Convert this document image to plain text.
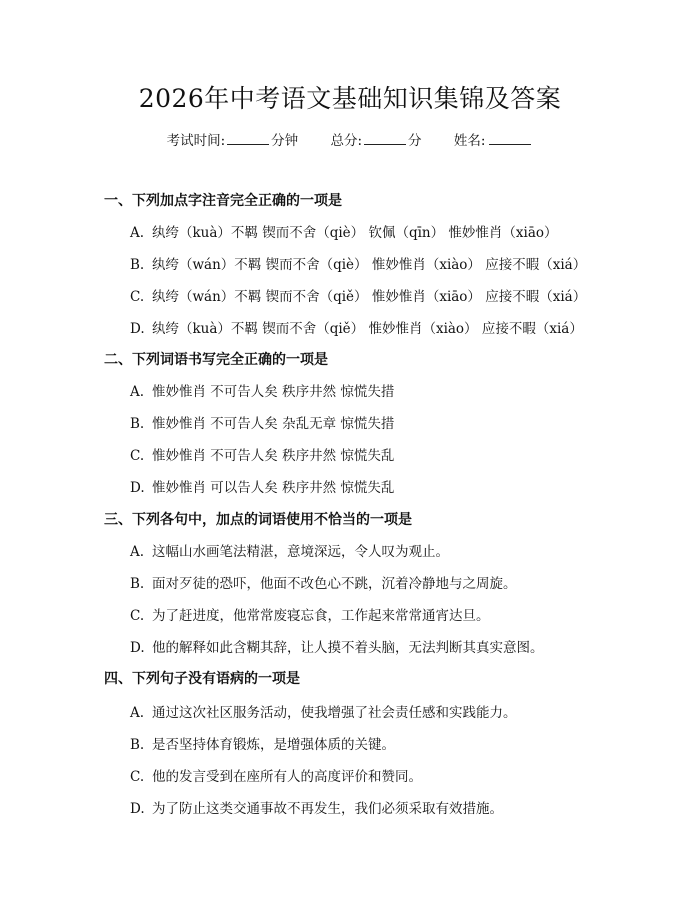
2026年中考语文基础知识集锦及答案
考试时间:	分钟 总分:	分 姓名:
一、下列加点字注音完全正确的一项是
A. 纨绔（kuà）不羁 锲而不舍（qiè） 钦佩（qīn） 惟妙惟肖（xiāo）
B. 纨绔（wán）不羁 锲而不舍（qiè） 惟妙惟肖（xiào） 应接不暇（xiá）
C. 纨绔（wán）不羁 锲而不舍（qiě） 惟妙惟肖（xiāo） 应接不暇（xiá）
D. 纨绔（kuà）不羁 锲而不舍（qiě） 惟妙惟肖（xiào） 应接不暇（xiá）
二、下列词语书写完全正确的一项是
A. 惟妙惟肖 不可告人矣 秩序井然 惊慌失措
B. 惟妙惟肖 不可告人矣 杂乱无章 惊慌失措
C. 惟妙惟肖 不可告人矣 秩序井然 惊慌失乱
D. 惟妙惟肖 可以告人矣 秩序井然 惊慌失乱
三、下列各句中，加点的词语使用不恰当的一项是
A. 这幅山水画笔法精湛，意境深远，令人叹为观止。
B. 面对歹徒的恐吓，他面不改色心不跳，沉着冷静地与之周旋。
C. 为了赶进度，他常常废寝忘食，工作起来常常通宵达旦。
D. 他的解释如此含糊其辞，让人摸不着头脑，无法判断其真实意图。
四、下列句子没有语病的一项是
A. 通过这次社区服务活动，使我增强了社会责任感和实践能力。
B. 是否坚持体育锻炼，是增强体质的关键。
C. 他的发言受到在座所有人的高度评价和赞同。
D. 为了防止这类交通事故不再发生，我们必须采取有效措施。
